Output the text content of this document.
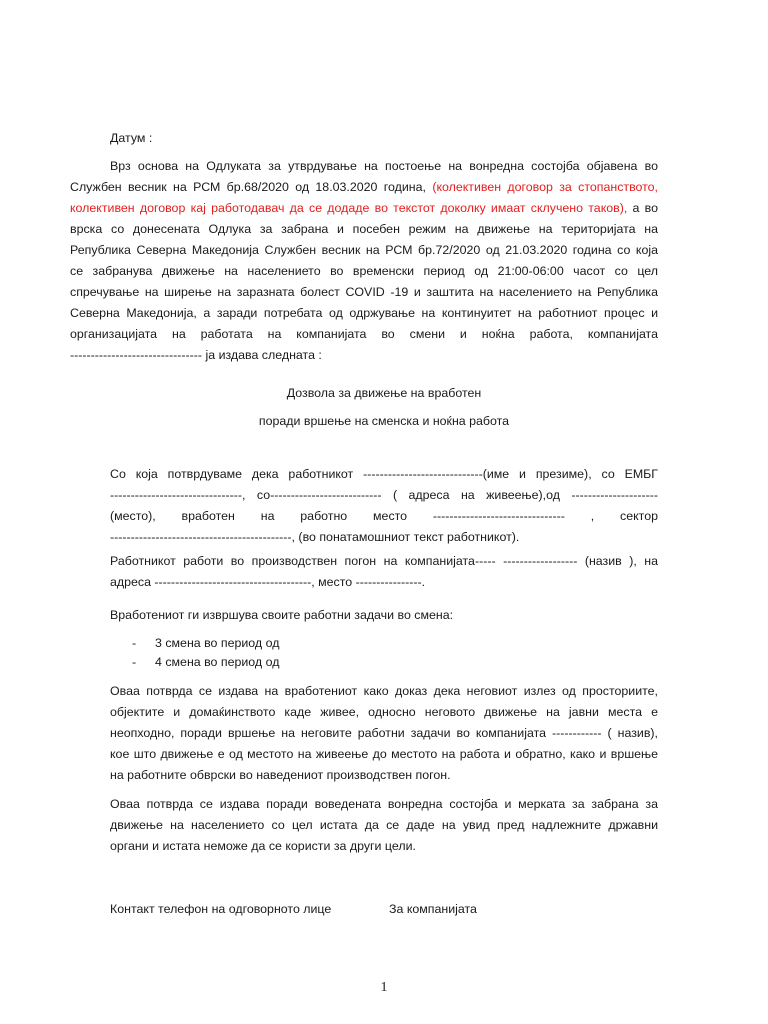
Датум :
Врз основа на Одлуката за утврдување на постоење на вонредна состојба објавена во
Службен весник на РСМ бр.68/2020 од 18.03.2020 година, (колективен договор за стопанството,
колективен договор кај работодавач да се додаде во текстот доколку имаат склучено таков), а во
врска со донесената Одлука за забрана и посебен режим на движење на територијата на
Република Северна Македонија Службен весник на РСМ бр.72/2020 од 21.03.2020 година со која
се забранува движење на населението во временски период од 21:00-06:00 часот со цел
спречување на ширење на заразната болест COVID -19 и заштита на населението на Република
Северна Македонија, а заради потребата од одржување на континуитет на работниот процес и
организацијата на работата на компанијата во смени и ноќна работа, компанијата
-------------------------------- ја издава следната :
Дозвола за движење на вработен
поради вршење на сменска и ноќна работа
Со која потврдуваме дека работникот -----------------------------(име и презиме), со ЕМБГ
--------------------------------, со--------------------------- ( адреса на живеење),од ---------------------
(место), вработен на работно место -------------------------------- , сектор
--------------------------------------------, (во понатамошниот текст работникот).
Работникот работи во производствен погон на компанијата----- ------------------ (назив ), на
адреса --------------------------------------, место ----------------.
Вработениот ги извршува своите работни задачи во смена:
- 3 смена во период од
- 4 смена во период од
Оваа потврда се издава на вработениот како доказ дека неговиот излез од просториите,
објектите и домаќинството каде живее, односно неговото движење на јавни места е
неопходно, поради вршење на неговите работни задачи во компанијата ------------ ( назив),
кое што движење е од местото на живеење до местото на работа и обратно, како и вршење
на работните обврски во наведениот производствен погон.
Оваа потврда се издава поради воведената вонредна состојба и мерката за забрана за
движење на населението со цел истата да се даде на увид пред надлежните државни
органи и истата неможе да се користи за други цели.
Контакт телефон на одговорното лице	За компанијата
1
